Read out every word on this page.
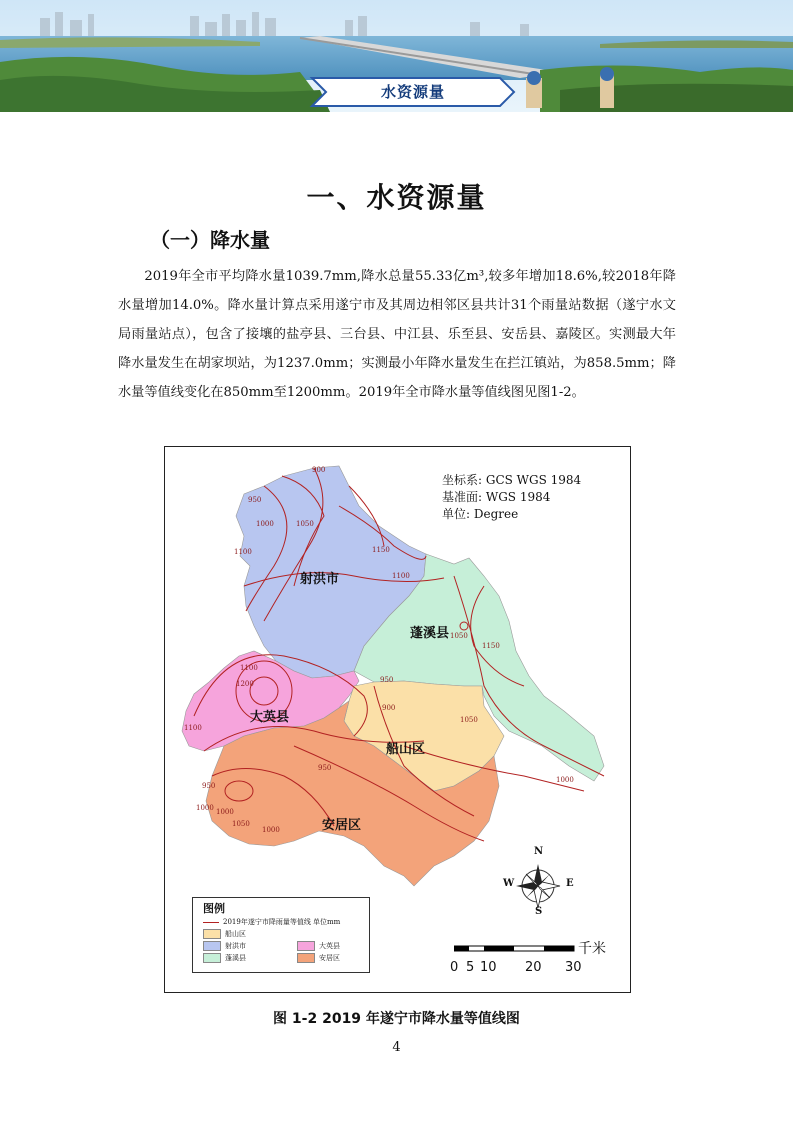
水资源量
一、水资源量
（一）降水量

2019年全市平均降水量1039.7mm,降水总量55.33亿m³,较多年增加18.6%,较2018年降水量增加14.0%。降水量计算点采用遂宁市及其周边相邻区县共计31个雨量站数据（遂宁水文局雨量站点），包含了接壤的盐亭县、三台县、中江县、乐至县、安岳县、嘉陵区。实测最大年降水量发生在胡家坝站，为1237.0mm；实测最小年降水量发生在拦江镇站，为858.5mm；降水量等值线变化在850mm至1200mm。2019年全市降水量等值线图见图1-2。

N
S
E
W
坐标系: GCS WGS 1984
基准面: WGS 1984
单位: Degree
射洪市
蓬溪县
大英县
船山区
安居区
900
950
1000	1050
1100	1150
1200
1100
1100
1150
1050
1000
950
900
950
1000
1050
1000
950
1000
1050
1100
图例
2019年遂宁市降雨量等值线 单位mm
船山区
射洪市	大英县
蓬溪县	安居区
千米
0 5 10 20 30
图 1-2 2019 年遂宁市降水量等值线图
4
